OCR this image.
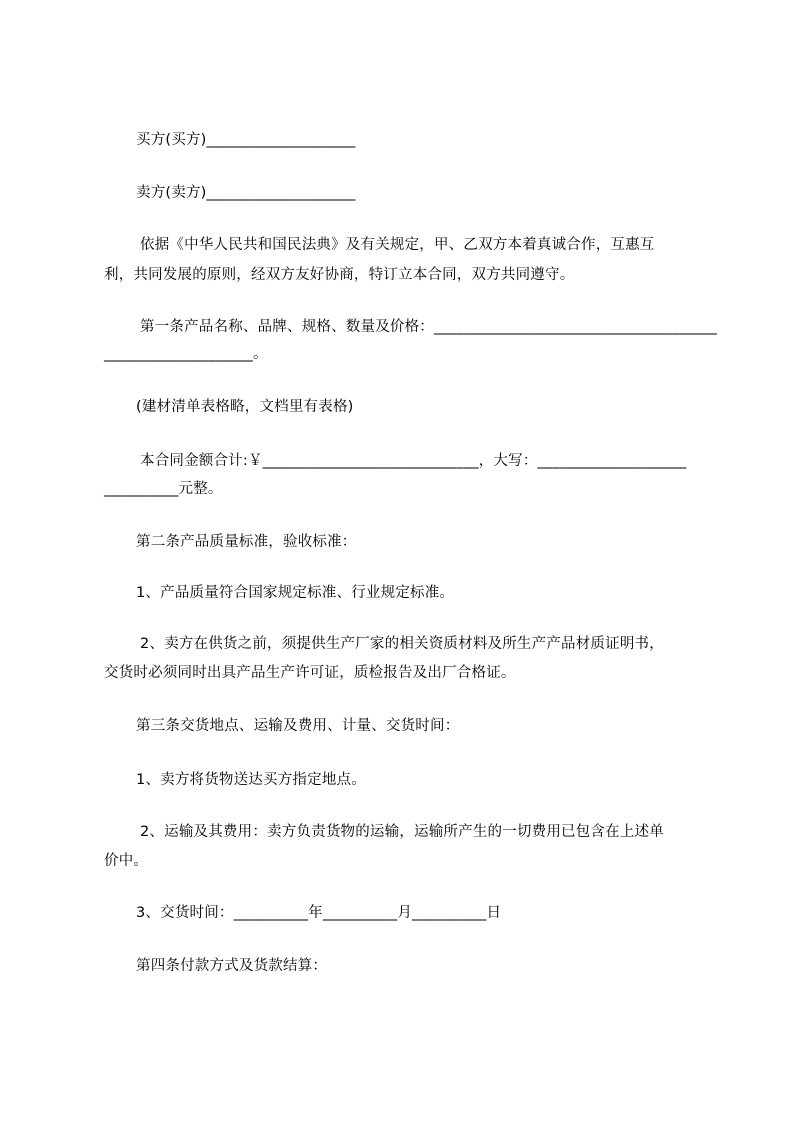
买方(买方)____________________
卖方(卖方)____________________
依据《中华人民共和国民法典》及有关规定，甲、乙双方本着真诚合作，互惠互
利，共同发展的原则，经双方友好协商，特订立本合同，双方共同遵守。
第一条产品名称、品牌、规格、数量及价格：______________________________________
____________________。
(建材清单表格略，文档里有表格)
本合同金额合计:￥_____________________________，大写：____________________
__________元整。
第二条产品质量标准，验收标准：
1、产品质量符合国家规定标准、行业规定标准。
2、卖方在供货之前，须提供生产厂家的相关资质材料及所生产产品材质证明书，
交货时必须同时出具产品生产许可证，质检报告及出厂合格证。
第三条交货地点、运输及费用、计量、交货时间：
1、卖方将货物送达买方指定地点。
2、运输及其费用：卖方负责货物的运输，运输所产生的一切费用已包含在上述单
价中。
3、交货时间：__________年__________月__________日
第四条付款方式及货款结算：
